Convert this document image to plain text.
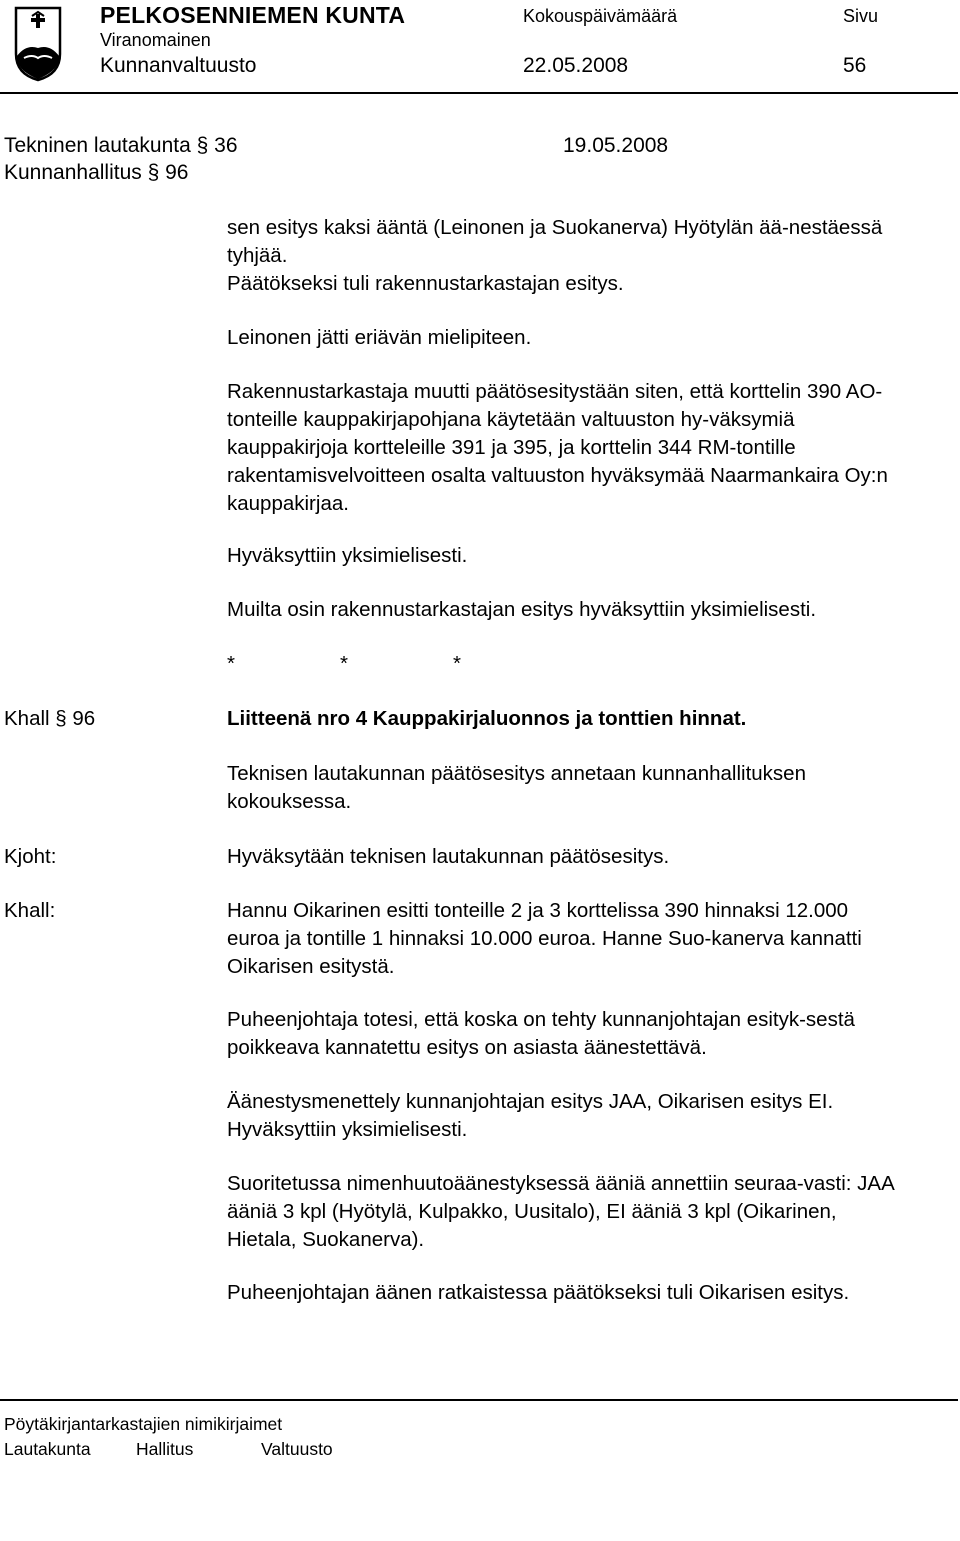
PELKOSENNIEMEN KUNTA
Viranomainen
Kunnanvaltuusto
Kokouspäivämäärä
22.05.2008
Sivu
56
Tekninen lautakunta § 36	19.05.2008
Kunnanhallitus § 96

sen esitys kaksi ääntä (Leinonen ja Suokanerva) Hyötylän ää-nestäessä tyhjää.

Päätökseksi tuli rakennustarkastajan esitys.

Leinonen jätti eriävän mielipiteen.

Rakennustarkastaja muutti päätösesitystään siten, että korttelin 390 AO-tonteille kauppakirjapohjana käytetään valtuuston hy-väksymiä kauppakirjoja kortteleille 391 ja 395, ja korttelin 344 RM-tontille rakentamisvelvoitteen osalta valtuuston hyväksymää Naarmankaira Oy:n kauppakirjaa.

Hyväksyttiin yksimielisesti.

Muilta osin rakennustarkastajan esitys hyväksyttiin yksimielisesti.

*	*	*
Khall § 96	Liitteenä nro 4 Kauppakirjaluonnos ja tonttien hinnat.

Teknisen lautakunnan päätösesitys annetaan kunnanhallituksen kokouksessa.

Kjoht:	Hyväksytään teknisen lautakunnan päätösesitys.

Khall:	Hannu Oikarinen esitti tonteille 2 ja 3 korttelissa 390 hinnaksi 12.000 euroa ja tontille 1 hinnaksi 10.000 euroa. Hanne Suo-kanerva kannatti Oikarisen esitystä.

Puheenjohtaja totesi, että koska on tehty kunnanjohtajan esityk-sestä poikkeava kannatettu esitys on asiasta äänestettävä.

Äänestysmenettely kunnanjohtajan esitys JAA, Oikarisen esitys EI. Hyväksyttiin yksimielisesti.

Suoritetussa nimenhuutoäänestyksessä ääniä annettiin seuraa-vasti: JAA ääniä 3 kpl (Hyötylä, Kulpakko, Uusitalo), EI ääniä 3 kpl (Oikarinen, Hietala, Suokanerva).

Puheenjohtajan äänen ratkaistessa päätökseksi tuli Oikarisen esitys.

Pöytäkirjantarkastajien nimikirjaimet
Lautakunta	Hallitus	Valtuusto
